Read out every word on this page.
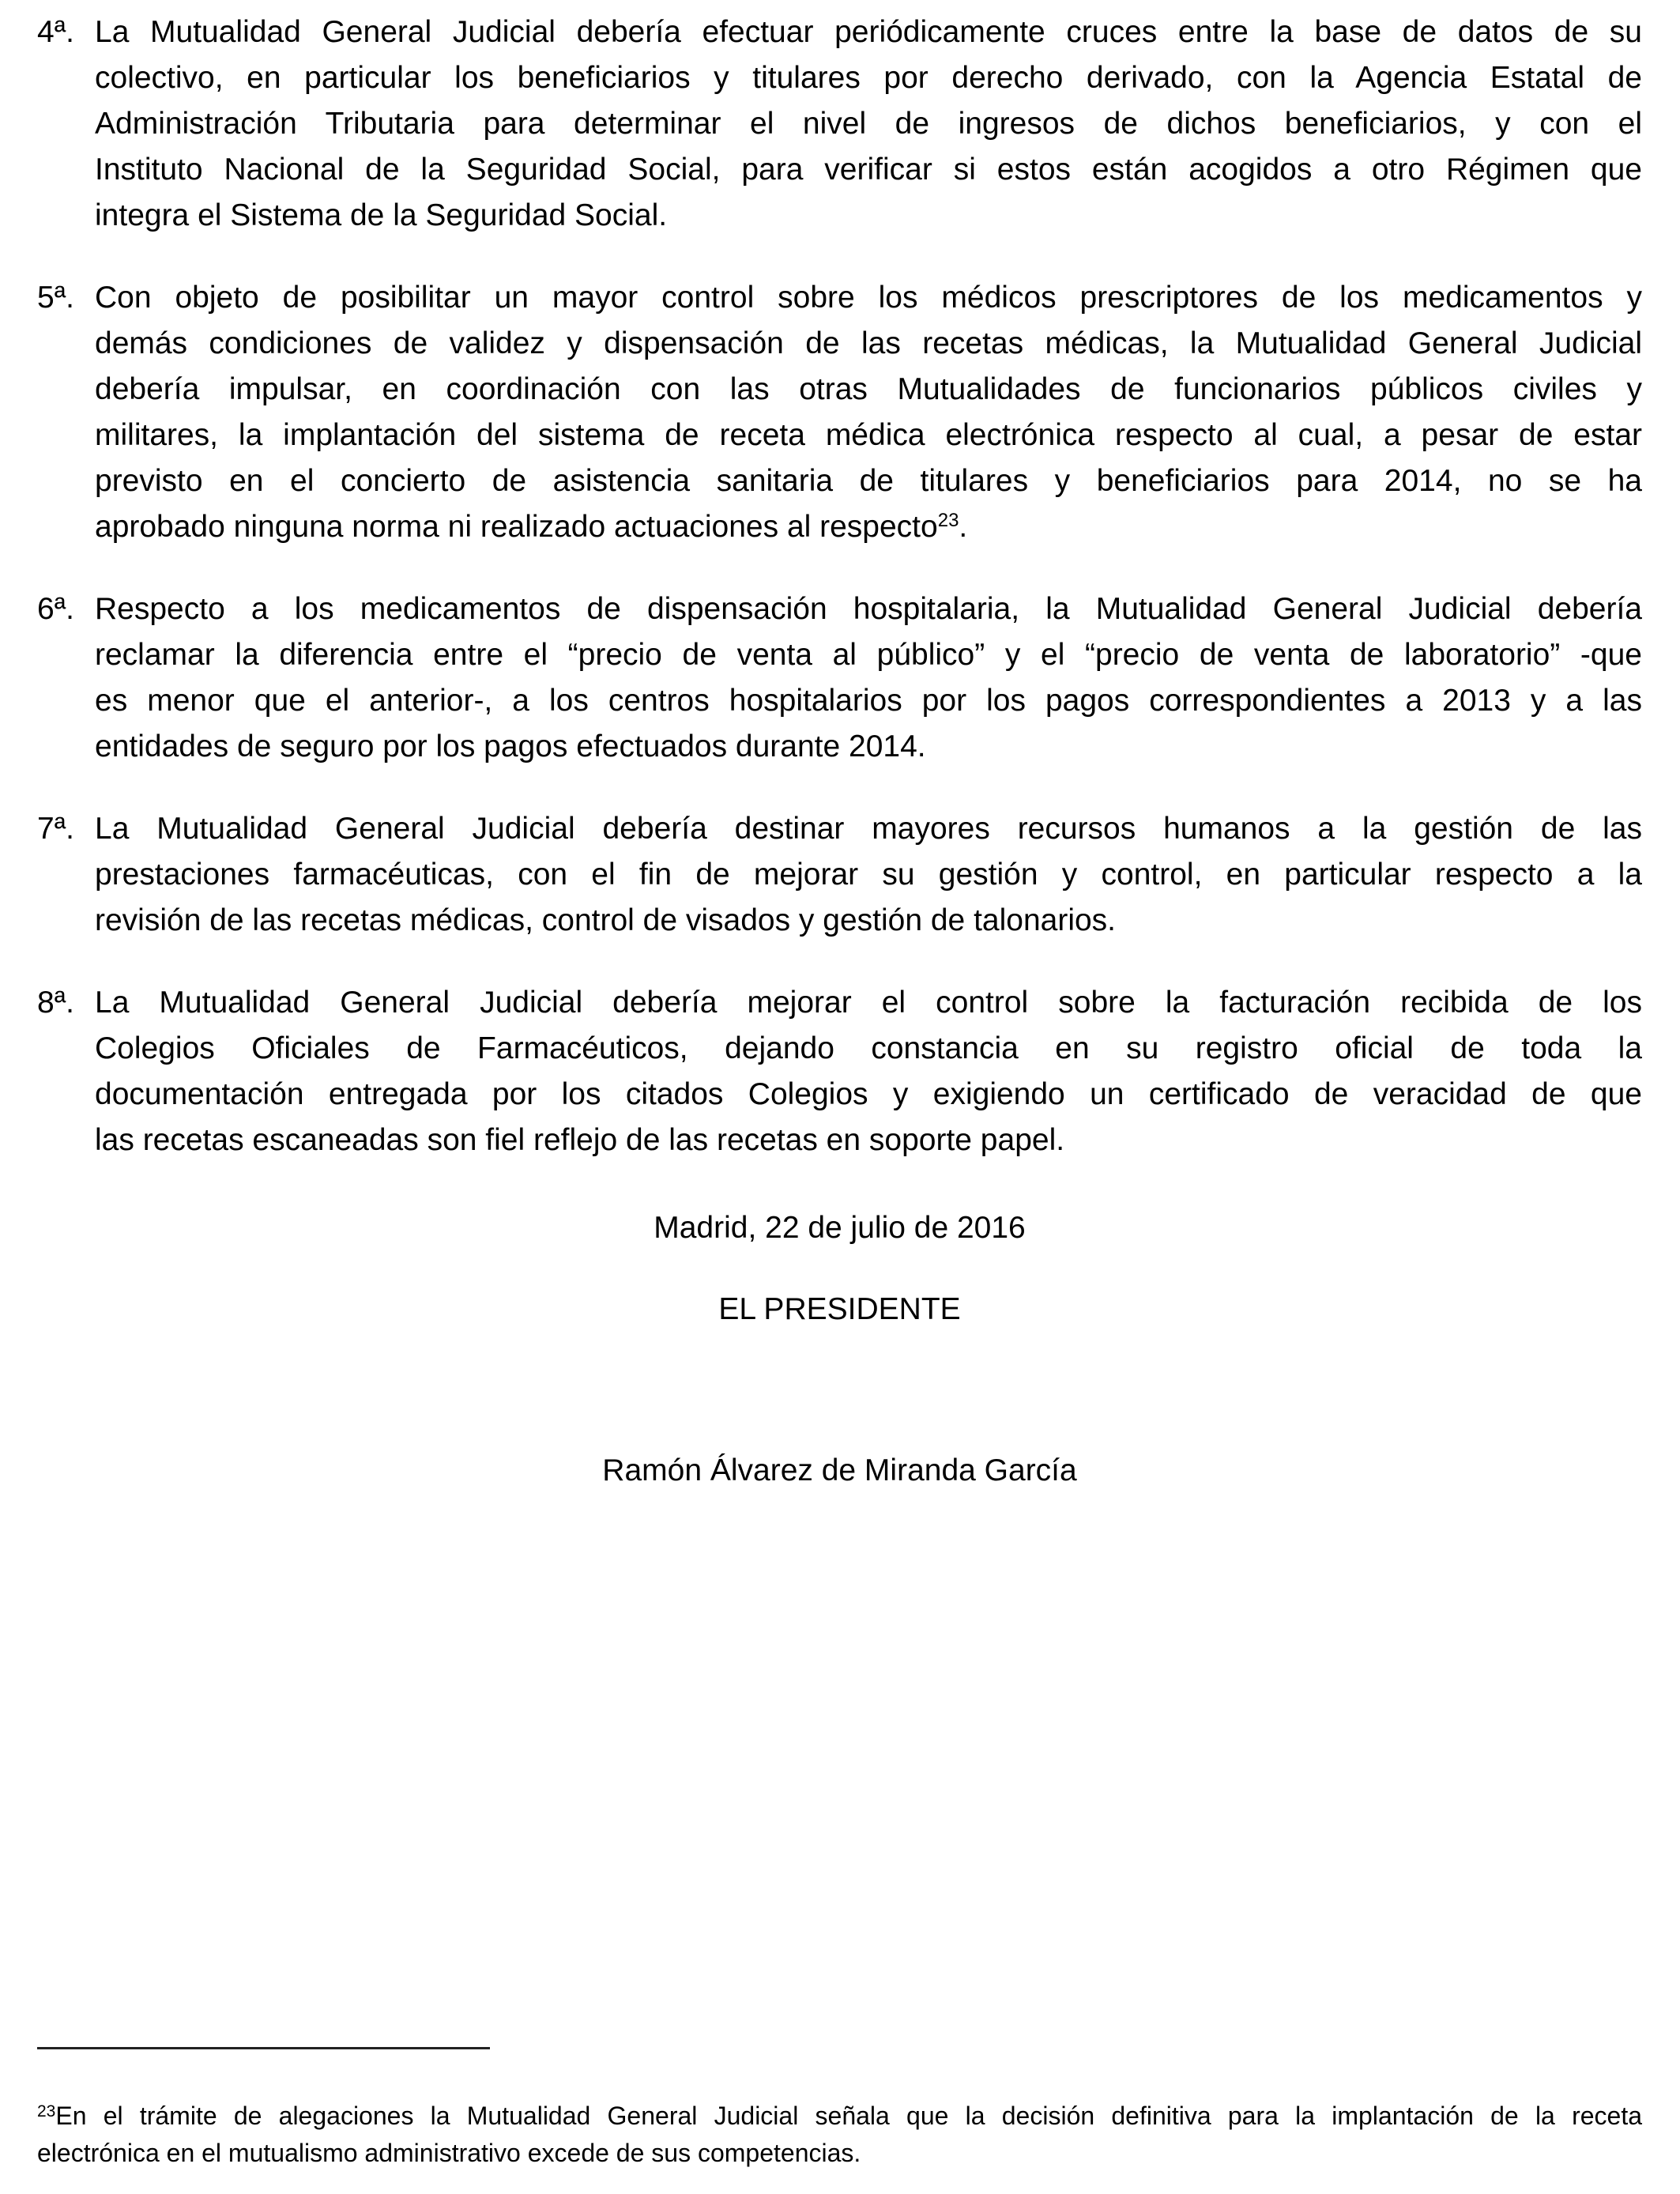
4ª. La Mutualidad General Judicial debería efectuar periódicamente cruces entre la base de datos de su
colectivo, en particular los beneficiarios y titulares por derecho derivado, con la Agencia Estatal de
Administración Tributaria para determinar el nivel de ingresos de dichos beneficiarios, y con el
Instituto Nacional de la Seguridad Social, para verificar si estos están acogidos a otro Régimen que
integra el Sistema de la Seguridad Social.
5ª. Con objeto de posibilitar un mayor control sobre los médicos prescriptores de los medicamentos y
demás condiciones de validez y dispensación de las recetas médicas, la Mutualidad General Judicial
debería impulsar, en coordinación con las otras Mutualidades de funcionarios públicos civiles y
militares, la implantación del sistema de receta médica electrónica respecto al cual, a pesar de estar
previsto en el concierto de asistencia sanitaria de titulares y beneficiarios para 2014, no se ha
aprobado ninguna norma ni realizado actuaciones al respecto$^{23}$.
6ª. Respecto a los medicamentos de dispensación hospitalaria, la Mutualidad General Judicial debería
reclamar la diferencia entre el “precio de venta al público” y el “precio de venta de laboratorio” -que
es menor que el anterior-, a los centros hospitalarios por los pagos correspondientes a 2013 y a las
entidades de seguro por los pagos efectuados durante 2014.
7ª. La Mutualidad General Judicial debería destinar mayores recursos humanos a la gestión de las
prestaciones farmacéuticas, con el fin de mejorar su gestión y control, en particular respecto a la
revisión de las recetas médicas, control de visados y gestión de talonarios.
8ª. La Mutualidad General Judicial debería mejorar el control sobre la facturación recibida de los
Colegios Oficiales de Farmacéuticos, dejando constancia en su registro oficial de toda la
documentación entregada por los citados Colegios y exigiendo un certificado de veracidad de que
las recetas escaneadas son fiel reflejo de las recetas en soporte papel.
Madrid, 22 de julio de 2016
EL PRESIDENTE
Ramón Álvarez de Miranda García
$^{23}$En el trámite de alegaciones la Mutualidad General Judicial señala que la decisión definitiva para la implantación de la receta
electrónica en el mutualismo administrativo excede de sus competencias.
